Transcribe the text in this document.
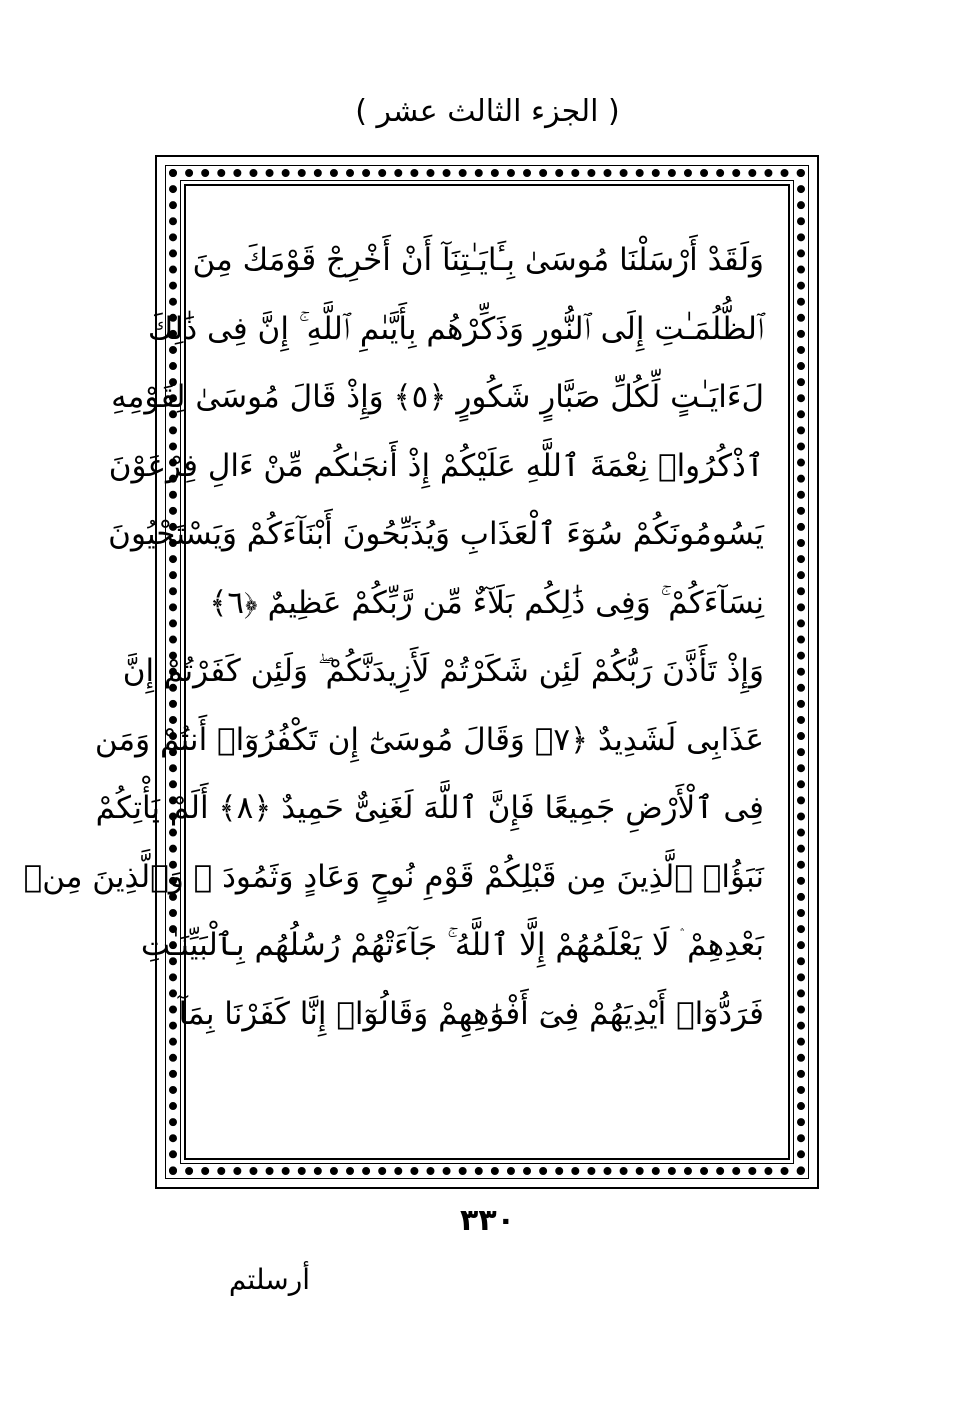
( الجزء الثالث عشر )
وَلَقَدْ أَرْسَلْنَا مُوسَىٰ بِـَٔايَـٰتِنَآ أَنْ أَخْرِجْ قَوْمَكَ مِنَ
ٱلظُّلُمَـٰتِ إِلَى ٱلنُّورِ وَذَكِّرْهُم بِأَيَّىٰمِ ٱللَّهِ ۚ إِنَّ فِى ذَٰلِكَ
لَءَايَـٰتٍ لِّكُلِّ صَبَّارٍ شَكُورٍ ﴿٥﴾ وَإِذْ قَالَ مُوسَىٰ لِقَوْمِهِ
ٱذْكُرُوا۟ نِعْمَةَ ٱللَّهِ عَلَيْكُمْ إِذْ أَنجَىٰكُم مِّنْ ءَالِ فِرْعَوْنَ
يَسُومُونَكُمْ سُوٓءَ ٱلْعَذَابِ وَيُذَبِّحُونَ أَبْنَآءَكُمْ وَيَسْتَحْيُونَ
نِسَآءَكُمْ ۚ وَفِى ذَٰلِكُم بَلَآءٌ مِّن رَّبِّكُمْ عَظِيمٌ ﴿٦﴾
وَإِذْ تَأَذَّنَ رَبُّكُمْ لَئِن شَكَرْتُمْ لَأَزِيدَنَّكُمْ ۖ وَلَئِن كَفَرْتُمْ إِنَّ
عَذَابِى لَشَدِيدٌ ﴿٧﴾ وَقَالَ مُوسَىٰٓ إِن تَكْفُرُوٓا۟ أَنتُمْ وَمَن
فِى ٱلْأَرْضِ جَمِيعًا فَإِنَّ ٱللَّهَ لَغَنِىٌّ حَمِيدٌ ﴿٨﴾ أَلَمْ يَأْتِكُمْ
نَبَؤُا۟ ٱلَّذِينَ مِن قَبْلِكُمْ قَوْمِ نُوحٍ وَعَادٍ وَثَمُودَ ۛ وَٱلَّذِينَ مِنۢ
بَعْدِهِمْ ۛ لَا يَعْلَمُهُمْ إِلَّا ٱللَّهُ ۚ جَآءَتْهُمْ رُسُلُهُم بِٱلْبَيِّنَـٰتِ
فَرَدُّوٓا۟ أَيْدِيَهُمْ فِىٓ أَفْوَٰهِهِمْ وَقَالُوٓا۟ إِنَّا كَفَرْنَا بِمَآ
٣٣٠
أرسلتم
